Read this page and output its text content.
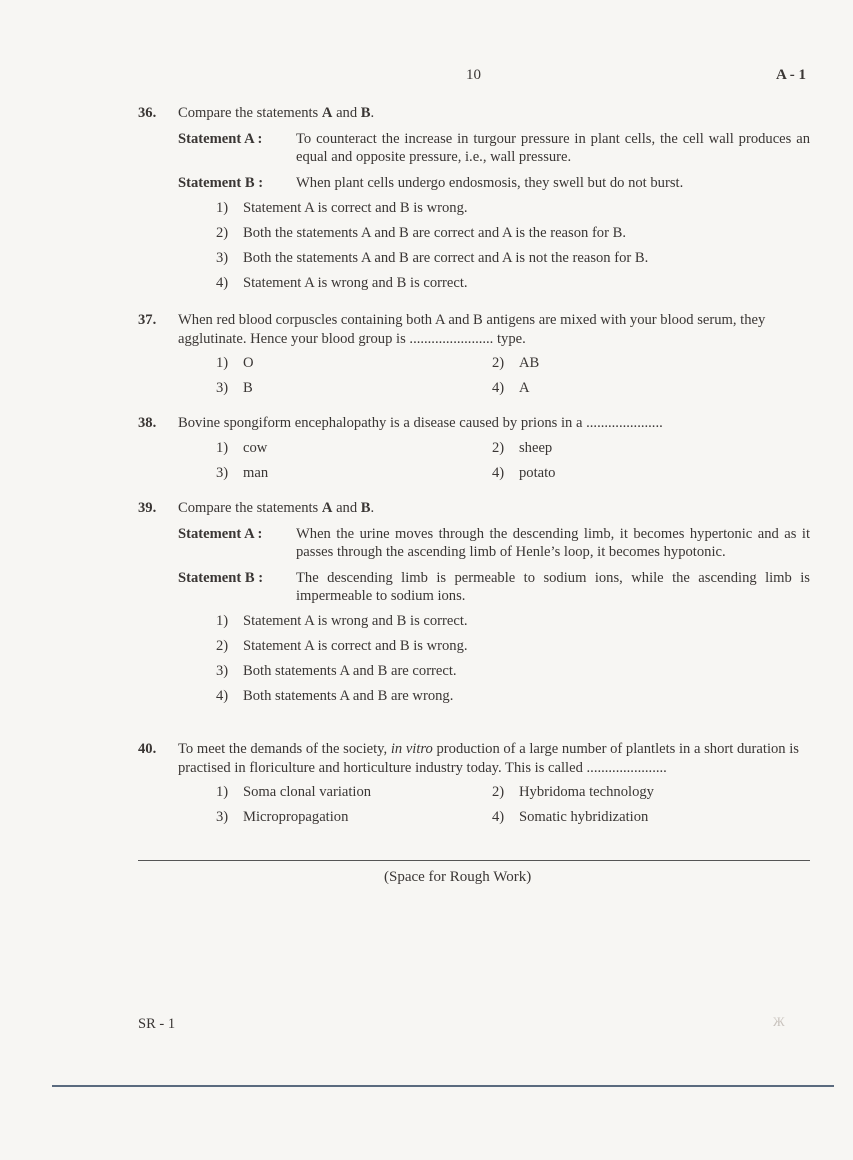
10	A - 1
36.	Compare the statements A and B.
Statement A : To counteract the increase in turgour pressure in plant cells, the cell wall produces an equal and opposite pressure, i.e., wall pressure.
Statement B : When plant cells undergo endosmosis, they swell but do not burst.
1) Statement A is correct and B is wrong.
2) Both the statements A and B are correct and A is the reason for B.
3) Both the statements A and B are correct and A is not the reason for B.
4) Statement A is wrong and B is correct.
37.	When red blood corpuscles containing both A and B antigens are mixed with your blood serum, they agglutinate. Hence your blood group is ....................... type.
1) O	2) AB
3) B	4) A
38.	Bovine spongiform encephalopathy is a disease caused by prions in a .....................
1) cow	2) sheep
3) man	4) potato
39.	Compare the statements A and B.
Statement A : When the urine moves through the descending limb, it becomes hypertonic and as it passes through the ascending limb of Henle’s loop, it becomes hypotonic.
Statement B : The descending limb is permeable to sodium ions, while the ascending limb is impermeable to sodium ions.
1) Statement A is wrong and B is correct.
2) Statement A is correct and B is wrong.
3) Both statements A and B are correct.
4) Both statements A and B are wrong.
40.	To meet the demands of the society, in vitro production of a large number of plantlets in a short duration is practised in floriculture and horticulture industry today. This is called ......................
1) Soma clonal variation	2) Hybridoma technology
3) Micropropagation	4) Somatic hybridization
(Space for Rough Work)
SR - 1	Ж
